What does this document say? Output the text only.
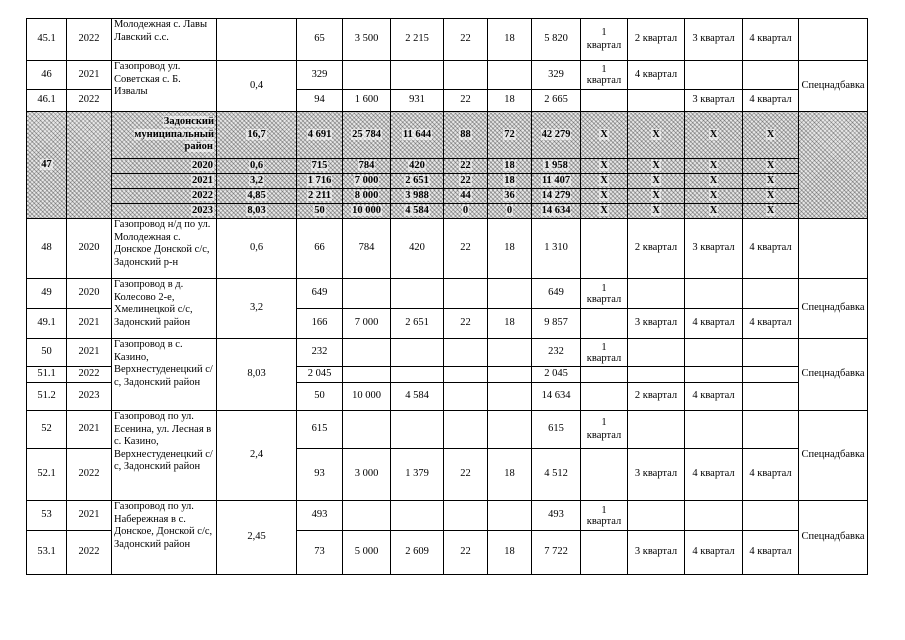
45.1	2022	Молодежная с. Лавы Лавский с.с.		65	3 500	2 215	22	18	5 820	1 квартал	2 квартал	3 квартал	4 квартал	
46	2021	Газопровод ул. Советская с. Б. Извалы	0,4	329					329	1 квартал	4 квартал			Спецнадбавка
46.1	2022			94	1 600	931	22	18	2 665			3 квартал	4 квартал	
47		Задонский муниципальный район	16,7	4 691	25 784	11 644	88	72	42 279	X	X	X	X	
		2020	0,6	715	784	420	22	18	1 958	X	X	X	X	
		2021	3,2	1 716	7 000	2 651	22	18	11 407	X	X	X	X	
		2022	4,85	2 211	8 000	3 988	44	36	14 279	X	X	X	X	
		2023	8,03	50	10 000	4 584	0	0	14 634	X	X	X	X	
48	2020	Газопровод н/д по ул. Молодежная с. Донское Донской с/с, Задонский р-н	0,6	66	784	420	22	18	1 310		2 квартал	3 квартал	4 квартал	
49	2020	Газопровод в д. Колесово 2-е, Хмелинецкой с/с, Задонский район	3,2	649					649	1 квартал				Спецнадбавка
49.1	2021			166	7 000	2 651	22	18	9 857		3 квартал	4 квартал	4 квартал	
50	2021	Газопровод в с. Казино, Верхнестуденецкий с/с, Задонский район	8,03	232					232	1 квартал				Спецнадбавка
51.1	2022			2 045					2 045					
51.2	2023			50	10 000	4 584			14 634		2 квартал	4 квартал		
52	2021	Газопровод по ул. Есенина, ул. Лесная в с. Казино, Верхнестуденецкий с/с, Задонский район	2,4	615					615	1 квартал				Спецнадбавка
52.1	2022			93	3 000	1 379	22	18	4 512		3 квартал	4 квартал	4 квартал	
53	2021	Газопровод по ул. Набережная в с. Донское, Донской с/с, Задонский район	2,45	493					493	1 квартал				Спецнадбавка
53.1	2022			73	5 000	2 609	22	18	7 722		3 квартал	4 квартал	4 квартал	
